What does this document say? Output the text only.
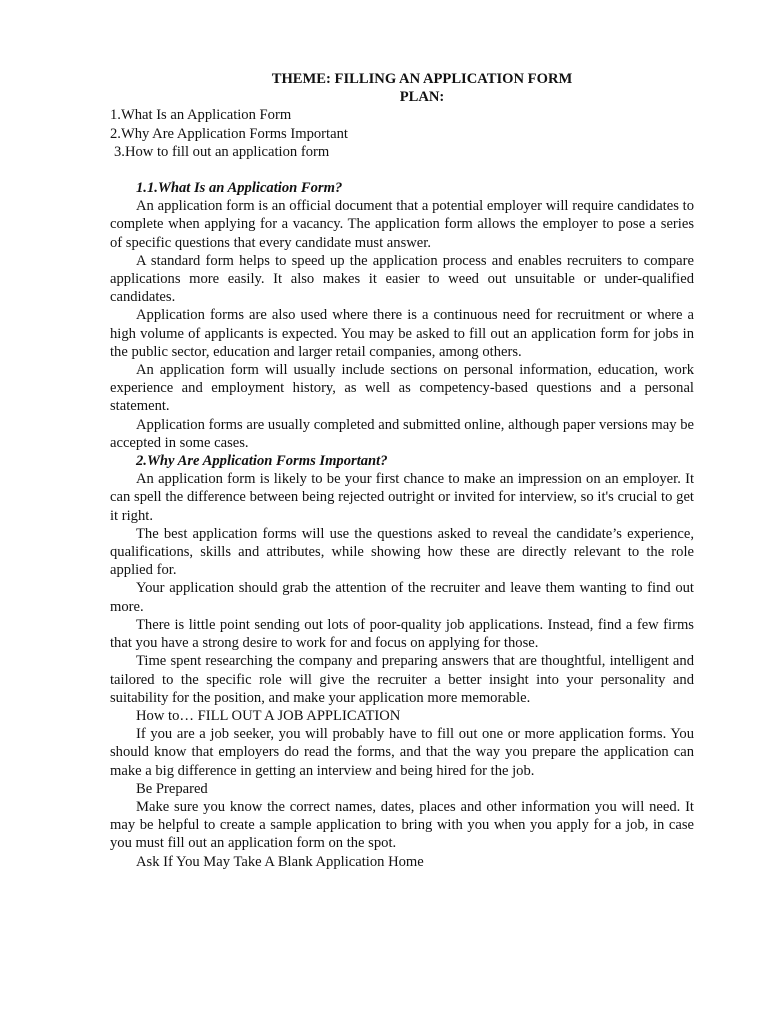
THEME: FILLING AN APPLICATION FORM

PLAN:

1.What Is an Application Form

2.Why Are Application Forms Important

3.How to fill out an application form

1.1.What Is an Application Form?

An application form is an official document that a potential employer will require candidates to complete when applying for a vacancy. The application form allows the employer to pose a series of specific questions that every candidate must answer.

A standard form helps to speed up the application process and enables recruiters to compare applications more easily. It also makes it easier to weed out unsuitable or under-qualified candidates.

Application forms are also used where there is a continuous need for recruitment or where a high volume of applicants is expected. You may be asked to fill out an application form for jobs in the public sector, education and larger retail companies, among others.

An application form will usually include sections on personal information, education, work experience and employment history, as well as competency-based questions and a personal statement.

Application forms are usually completed and submitted online, although paper versions may be accepted in some cases.

2.Why Are Application Forms Important?

An application form is likely to be your first chance to make an impression on an employer. It can spell the difference between being rejected outright or invited for interview, so it's crucial to get it right.

The best application forms will use the questions asked to reveal the candidate’s experience, qualifications, skills and attributes, while showing how these are directly relevant to the role applied for.

Your application should grab the attention of the recruiter and leave them wanting to find out more.

There is little point sending out lots of poor-quality job applications. Instead, find a few firms that you have a strong desire to work for and focus on applying for those.

Time spent researching the company and preparing answers that are thoughtful, intelligent and tailored to the specific role will give the recruiter a better insight into your personality and suitability for the position, and make your application more memorable.

How to… FILL OUT A JOB APPLICATION

If you are a job seeker, you will probably have to fill out one or more application forms. You should know that employers do read the forms, and that the way you prepare the application can make a big difference in getting an interview and being hired for the job.

Be Prepared

Make sure you know the correct names, dates, places and other information you will need. It may be helpful to create a sample application to bring with you when you apply for a job, in case you must fill out an application form on the spot.

Ask If You May Take A Blank Application Home
